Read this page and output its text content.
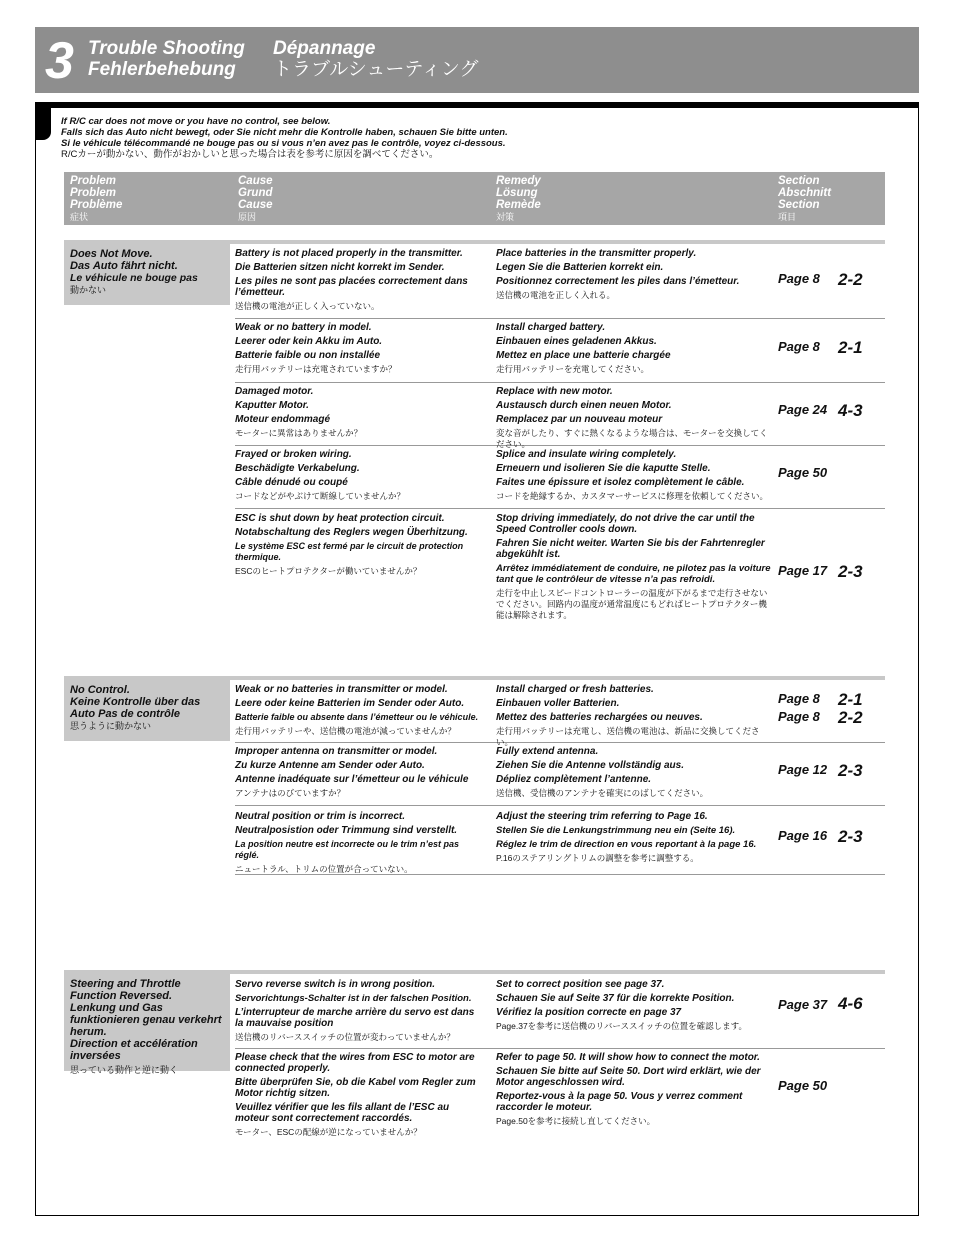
3 Trouble Shooting
Fehlerbehebung
Dépannage
トラブルシューティング
If R/C car does not move or you have no control, see below.
Falls sich das Auto nicht bewegt, oder Sie nicht mehr die Kontrolle haben, schauen Sie bitte unten.
Si le véhicule télécommandé ne bouge pas ou si vous n’en avez pas le contrôle, voyez ci-dessous.
R/Cカーが動かない、動作がおかしいと思った場合は表を参考に原因を調べてください。
Problem
Problem
Problème
症状
Cause
Grund
Cause
原因
Remedy
Lösung
Remède
対策
Section
Abschnitt
Section
項目
Does Not Move.
Das Auto fährt nicht.
Le véhicule ne bouge pas
動かない

Battery is not placed properly in the transmitter.

Die Batterien sitzen nicht korrekt im Sender.

Les piles ne sont pas placées correctement dans l’émetteur.

送信機の電池が正しく入っていない。

Place batteries in the transmitter properly.

Legen Sie die Batterien korrekt ein.

Positionnez correctement les piles dans l’émetteur.

送信機の電池を正しく入れる。

Page 8 2-2

Weak or no battery in model.

Leerer oder kein Akku im Auto.

Batterie faible ou non installée

走行用バッテリーは充電されていますか？

Install charged battery.

Einbauen eines geladenen Akkus.

Mettez en place une batterie chargée

走行用バッテリーを充電してください。

Page 8 2-1

Damaged motor.

Kaputter Motor.

Moteur endommagé

モーターに異常はありませんか？

Replace with new motor.

Austausch durch einen neuen Motor.

Remplacez par un nouveau moteur

変な音がしたり、すぐに熱くなるような場合は、モーターを交換してください。

Page 24 4-3

Frayed or broken wiring.

Beschädigte Verkabelung.

Câble dénudé ou coupé

コードなどがやぶけて断線していませんか？

Splice and insulate wiring completely.

Erneuern und isolieren Sie die kaputte Stelle.

Faites une épissure et isolez complètement le câble.

コードを絶縁するか、カスタマーサービスに修理を依頼してください。

Page 50

ESC is shut down by heat protection circuit.

Notabschaltung des Reglers wegen Überhitzung.

Le système ESC est fermé par le circuit de protection thermique.

ESCのヒートプロテクターが働いていませんか？

Stop driving immediately, do not drive the car until the Speed Controller cools down.

Fahren Sie nicht weiter. Warten Sie bis der Fahrtenregler abgekühlt ist.

Arrêtez immédiatement de conduire, ne pilotez pas la voiture tant que le contrôleur de vitesse n’a pas refroidi.

走行を中止しスピードコントローラーの温度が下がるまで走行させないでください。回路内の温度が通常温度にもどればヒートプロテクター機能は解除されます。

Page 17 2-3
No Control.
Keine Kontrolle über das Auto Pas de contrôle
思うように動かない

Weak or no batteries in transmitter or model.

Leere oder keine Batterien im Sender oder Auto.

Batterie faible ou absente dans l’émetteur ou le véhicule.

走行用バッテリーや、送信機の電池が減っていませんか？

Install charged or fresh batteries.

Einbauen voller Batterien.

Mettez des batteries rechargées ou neuves.

走行用バッテリーは充電し、送信機の電池は、新品に交換してください。

Page 8 2-1
Page 8 2-2

Improper antenna on transmitter or model.

Zu kurze Antenne am Sender oder Auto.

Antenne inadéquate sur l’émetteur ou le véhicule

アンテナはのびていますか？

Fully extend antenna.

Ziehen Sie die Antenne vollständig aus.

Dépliez complètement l’antenne.

送信機、受信機のアンテナを確実にのばしてください。

Page 12 2-3

Neutral position or trim is incorrect.

Neutralposistion oder Trimmung sind verstellt.

La position neutre est incorrecte ou le trim n’est pas réglé.

ニュートラル、トリムの位置が合っていない。

Adjust the steering trim referring to Page 16.

Stellen Sie die Lenkungstrimmung neu ein (Seite 16).

Réglez le trim de direction en vous reportant à la page 16.

P.16のステアリングトリムの調整を参考に調整する。

Page 16 2-3
Steering and Throttle Function Reversed.
Lenkung und Gas funktionieren genau verkehrt herum.
Direction et accélération inversées
思っている動作と逆に動く

Servo reverse switch is in wrong position.

Servorichtungs-Schalter ist in der falschen Position.

L’interrupteur de marche arrière du servo est dans la mauvaise position

送信機のリバーススイッチの位置が変わっていませんか？

Set to correct position see page 37.

Schauen Sie auf Seite 37 für die korrekte Position.

Vérifiez la position correcte en page 37

Page.37を参考に送信機のリバーススイッチの位置を確認します。

Page 37 4-6

Please check that the wires from ESC to motor are connected properly.

Bitte überprüfen Sie, ob die Kabel vom Regler zum Motor richtig sitzen.

Veuillez vérifier que les fils allant de l’ESC au moteur sont correctement raccordés.

モーター、ESCの配線が逆になっていませんか？

Refer to page 50. It will show how to connect the motor.

Schauen Sie bitte auf Seite 50. Dort wird erklärt, wie der Motor angeschlossen wird.

Reportez-vous à la page 50. Vous y verrez comment raccorder le moteur.

Page.50を参考に接続し直してください。

Page 50
